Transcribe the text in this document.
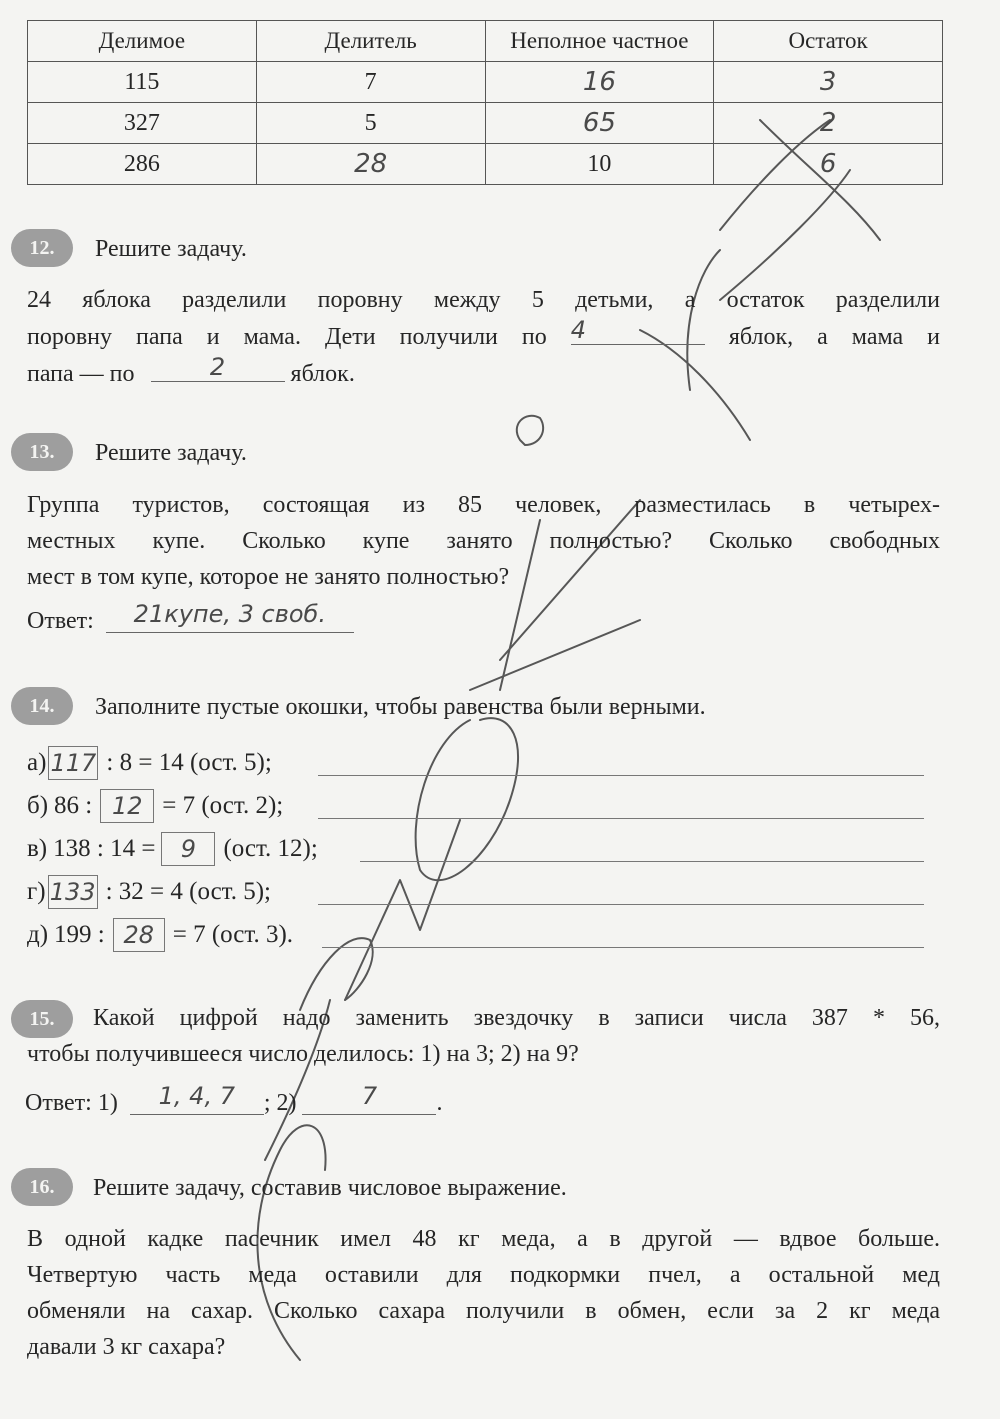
Делимое	Делитель	Неполное частное	Остаток
115	7	16	3
327	5	65	2
286	28	10	6
12.	Решите задачу.
24 яблока разделили поровну между 5 детьми, а остаток разделили
поровну папа и мама. Дети получили по 4	яблок, а мама и
папа — по	2	яблок.
13.	Решите задачу.
Группа туристов, состоящая из 85 человек, разместилась в четырех-
местных купе. Сколько купе занято полностью? Сколько свободных
мест в том купе, которое не занято полностью?
Ответ: 21купе, 3 своб.
14.	Заполните пустые окошки, чтобы равенства были верными.
а) 117 : 8 = 14 (ост. 5);
б) 86 : 12 = 7 (ост. 2);
в) 138 : 14 = 9 (ост. 12);
г) 133 : 32 = 4 (ост. 5);
д) 199 : 28 = 7 (ост. 3).
15.	Какой цифрой надо заменить звездочку в записи числа 387 * 56,
чтобы получившееся число делилось: 1) на 3; 2) на 9?
Ответ: 1) 1, 4, 7 ; 2)	7 .
16.	Решите задачу, составив числовое выражение.
В одной кадке пасечник имел 48 кг меда, а в другой — вдвое больше.
Четвертую часть меда оставили для подкормки пчел, а остальной мед
обменяли на сахар. Сколько сахара получили в обмен, если за 2 кг меда
давали 3 кг сахара?
